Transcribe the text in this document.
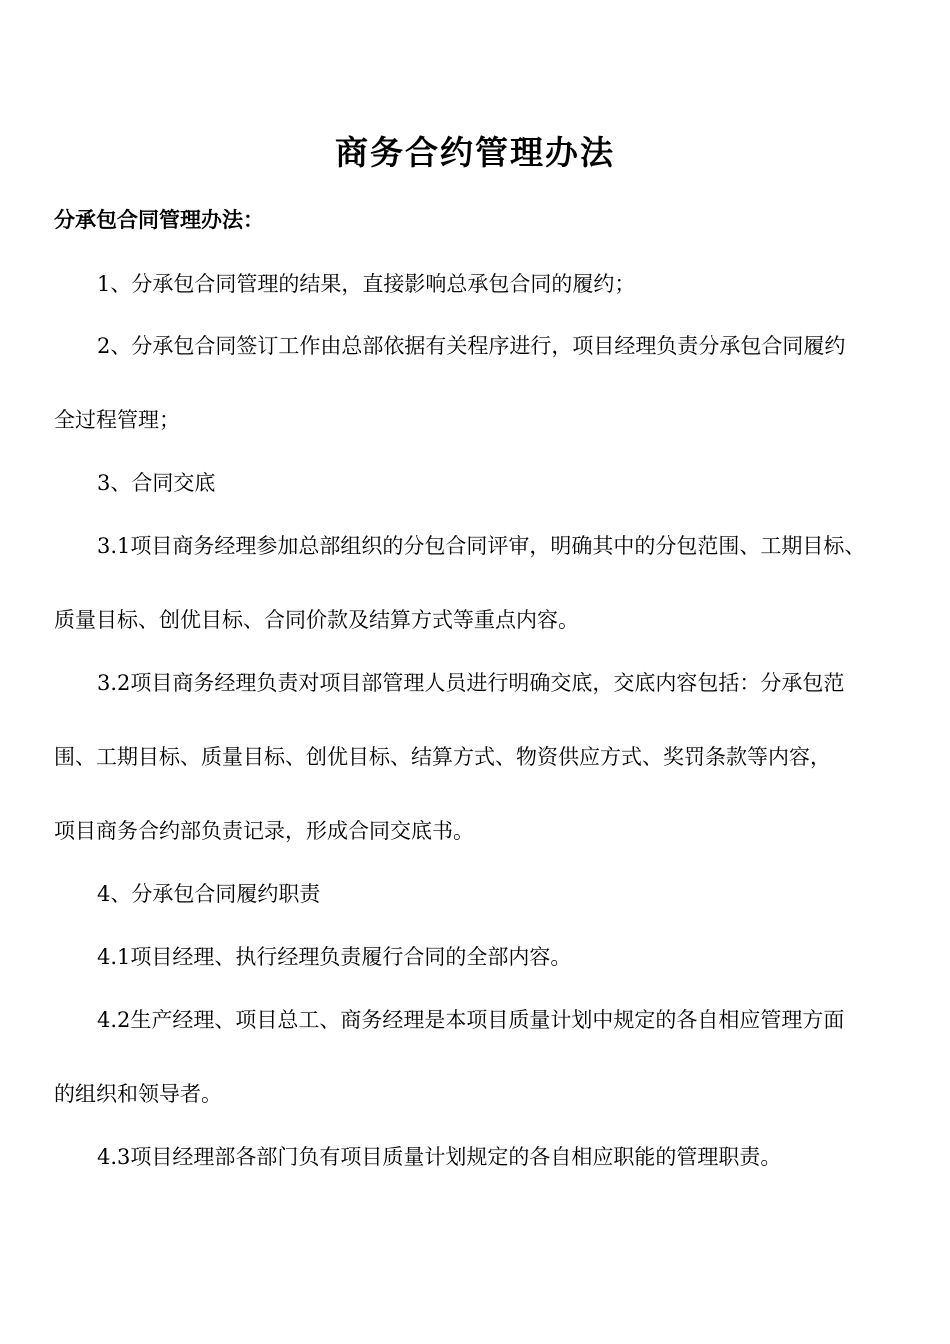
商务合约管理办法
分承包合同管理办法：
1、分承包合同管理的结果，直接影响总承包合同的履约；
2、分承包合同签订工作由总部依据有关程序进行，项目经理负责分承包合同履约
全过程管理；
3、合同交底
3.1项目商务经理参加总部组织的分包合同评审，明确其中的分包范围、工期目标、
质量目标、创优目标、合同价款及结算方式等重点内容。
3.2项目商务经理负责对项目部管理人员进行明确交底，交底内容包括：分承包范
围、工期目标、质量目标、创优目标、结算方式、物资供应方式、奖罚条款等内容，
项目商务合约部负责记录，形成合同交底书。
4、分承包合同履约职责
4.1项目经理、执行经理负责履行合同的全部内容。
4.2生产经理、项目总工、商务经理是本项目质量计划中规定的各自相应管理方面
的组织和领导者。
4.3项目经理部各部门负有项目质量计划规定的各自相应职能的管理职责。
